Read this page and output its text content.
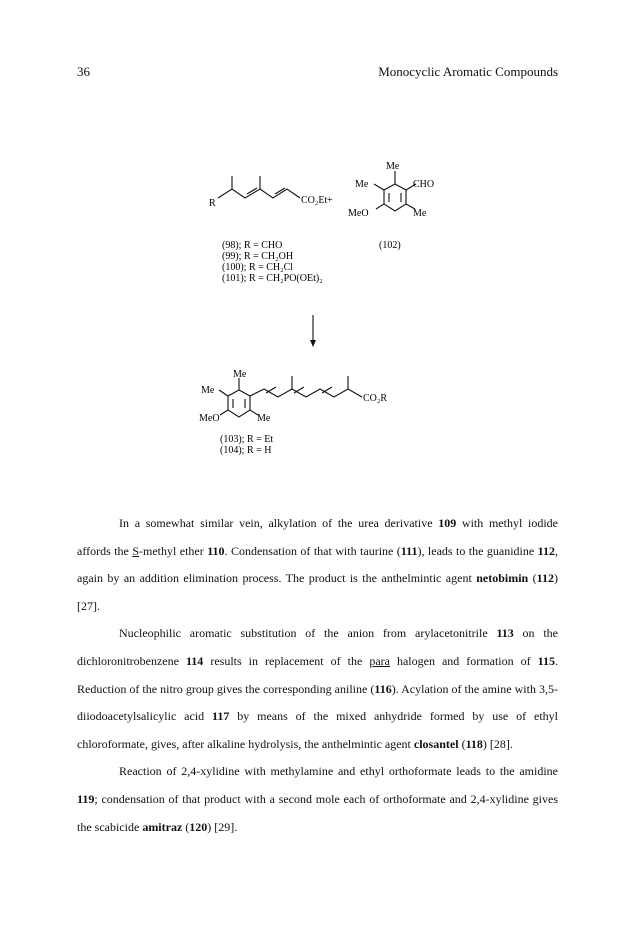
36	Monocyclic Aromatic Compounds
R	CO₂Et +
Me
Me	CHO
MeO	Me
(102)
(98); R = CHO
(99); R = CH₂OH
(100); R = CH₂Cl
(101); R = CH₂PO(OEt)₂
Me
Me
MeO	Me
CO₂R
(103); R = Et
(104); R = H

In a somewhat similar vein, alkylation of the urea derivative 109 with methyl iodide affords the S-methyl ether 110. Condensation of that with taurine (111), leads to the guanidine 112, again by an addition elimination process. The product is the anthelmintic agent netobimin (112) [27].

Nucleophilic aromatic substitution of the anion from arylacetonitrile 113 on the dichloronitrobenzene 114 results in replacement of the para halogen and formation of 115. Reduction of the nitro group gives the corresponding aniline (116). Acylation of the amine with 3,5-diiodoacetylsalicylic acid 117 by means of the mixed anhydride formed by use of ethyl chloroformate, gives, after alkaline hydrolysis, the anthelmintic agent closantel (118) [28].

Reaction of 2,4-xylidine with methylamine and ethyl orthoformate leads to the amidine 119; condensation of that product with a second mole each of orthoformate and 2,4-xylidine gives the scabicide amitraz (120) [29].
